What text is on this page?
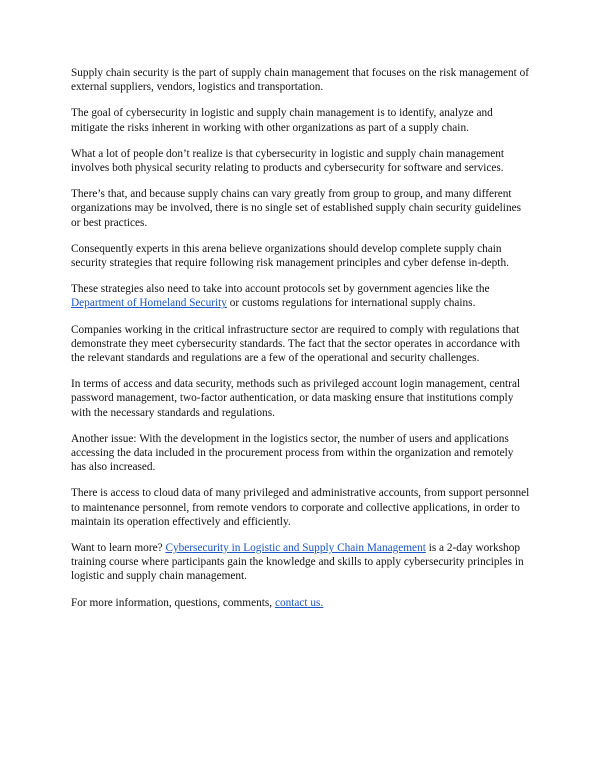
Supply chain security is the part of supply chain management that focuses on the risk management of external suppliers, vendors, logistics and transportation.

The goal of cybersecurity in logistic and supply chain management is to identify, analyze and mitigate the risks inherent in working with other organizations as part of a supply chain.

What a lot of people don’t realize is that cybersecurity in logistic and supply chain management involves both physical security relating to products and cybersecurity for software and services.

There’s that, and because supply chains can vary greatly from group to group, and many different organizations may be involved, there is no single set of established supply chain security guidelines or best practices.

Consequently experts in this arena believe organizations should develop complete supply chain security strategies that require following risk management principles and cyber defense in-depth.

These strategies also need to take into account protocols set by government agencies like the Department of Homeland Security or customs regulations for international supply chains.

Companies working in the critical infrastructure sector are required to comply with regulations that demonstrate they meet cybersecurity standards. The fact that the sector operates in accordance with the relevant standards and regulations are a few of the operational and security challenges.

In terms of access and data security, methods such as privileged account login management, central password management, two-factor authentication, or data masking ensure that institutions comply with the necessary standards and regulations.

Another issue: With the development in the logistics sector, the number of users and applications accessing the data included in the procurement process from within the organization and remotely has also increased.

There is access to cloud data of many privileged and administrative accounts, from support personnel to maintenance personnel, from remote vendors to corporate and collective applications, in order to maintain its operation effectively and efficiently.

Want to learn more? Cybersecurity in Logistic and Supply Chain Management is a 2-day workshop training course where participants gain the knowledge and skills to apply cybersecurity principles in logistic and supply chain management.

For more information, questions, comments, contact us.
